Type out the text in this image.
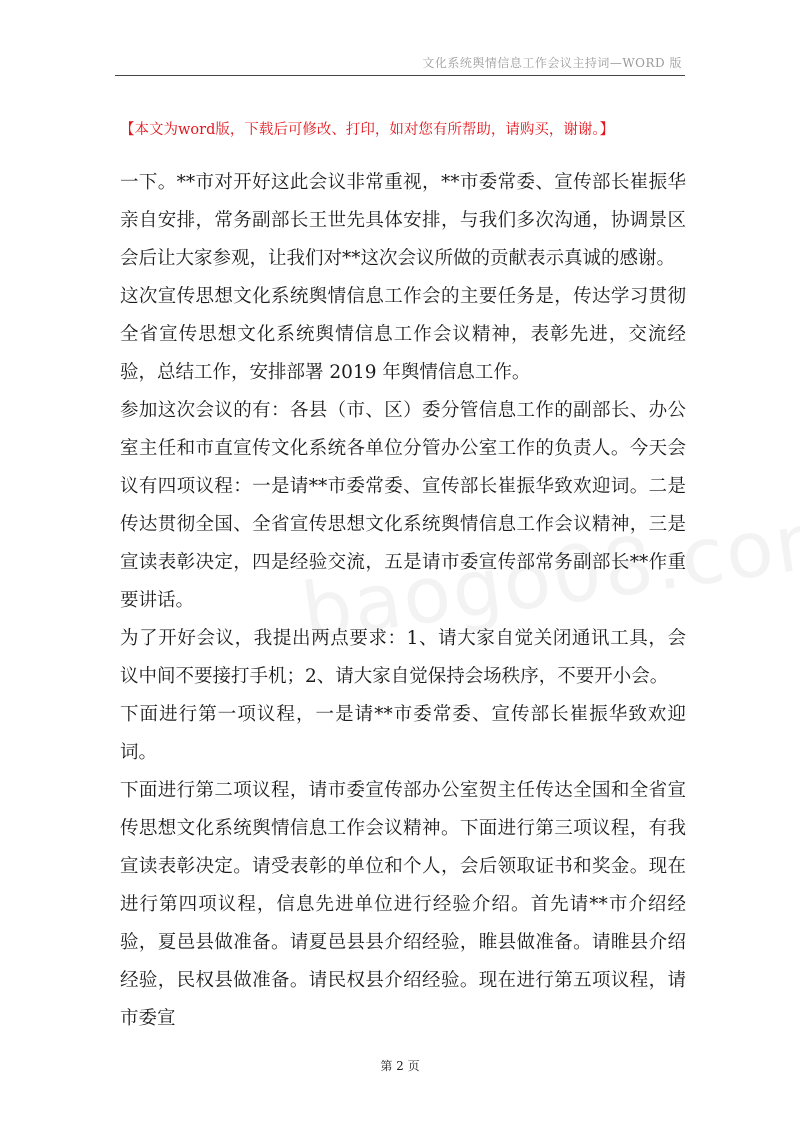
文化系统舆情信息工作会议主持词—WORD 版
【本文为word版，下载后可修改、打印，如对您有所帮助，请购买，谢谢。】

一下。**市对开好这此会议非常重视，**市委常委、宣传部长崔振华亲自安排，常务副部长王世先具体安排，与我们多次沟通，协调景区会后让大家参观，让我们对**这次会议所做的贡献表示真诚的感谢。

这次宣传思想文化系统舆情信息工作会的主要任务是，传达学习贯彻全省宣传思想文化系统舆情信息工作会议精神，表彰先进，交流经验，总结工作，安排部署 2019 年舆情信息工作。

参加这次会议的有：各县（市、区）委分管信息工作的副部长、办公室主任和市直宣传文化系统各单位分管办公室工作的负责人。今天会议有四项议程：一是请**市委常委、宣传部长崔振华致欢迎词。二是传达贯彻全国、全省宣传思想文化系统舆情信息工作会议精神，三是宣读表彰决定，四是经验交流，五是请市委宣传部常务副部长**作重要讲话。

为了开好会议，我提出两点要求：1、请大家自觉关闭通讯工具，会议中间不要接打手机；2、请大家自觉保持会场秩序，不要开小会。

下面进行第一项议程，一是请**市委常委、宣传部长崔振华致欢迎词。

下面进行第二项议程，请市委宣传部办公室贺主任传达全国和全省宣传思想文化系统舆情信息工作会议精神。下面进行第三项议程，有我宣读表彰决定。请受表彰的单位和个人，会后领取证书和奖金。现在进行第四项议程，信息先进单位进行经验介绍。首先请**市介绍经验，夏邑县做准备。请夏邑县县介绍经验，睢县做准备。请睢县介绍经验，民权县做准备。请民权县介绍经验。现在进行第五项议程，请市委宣

第 2 页
